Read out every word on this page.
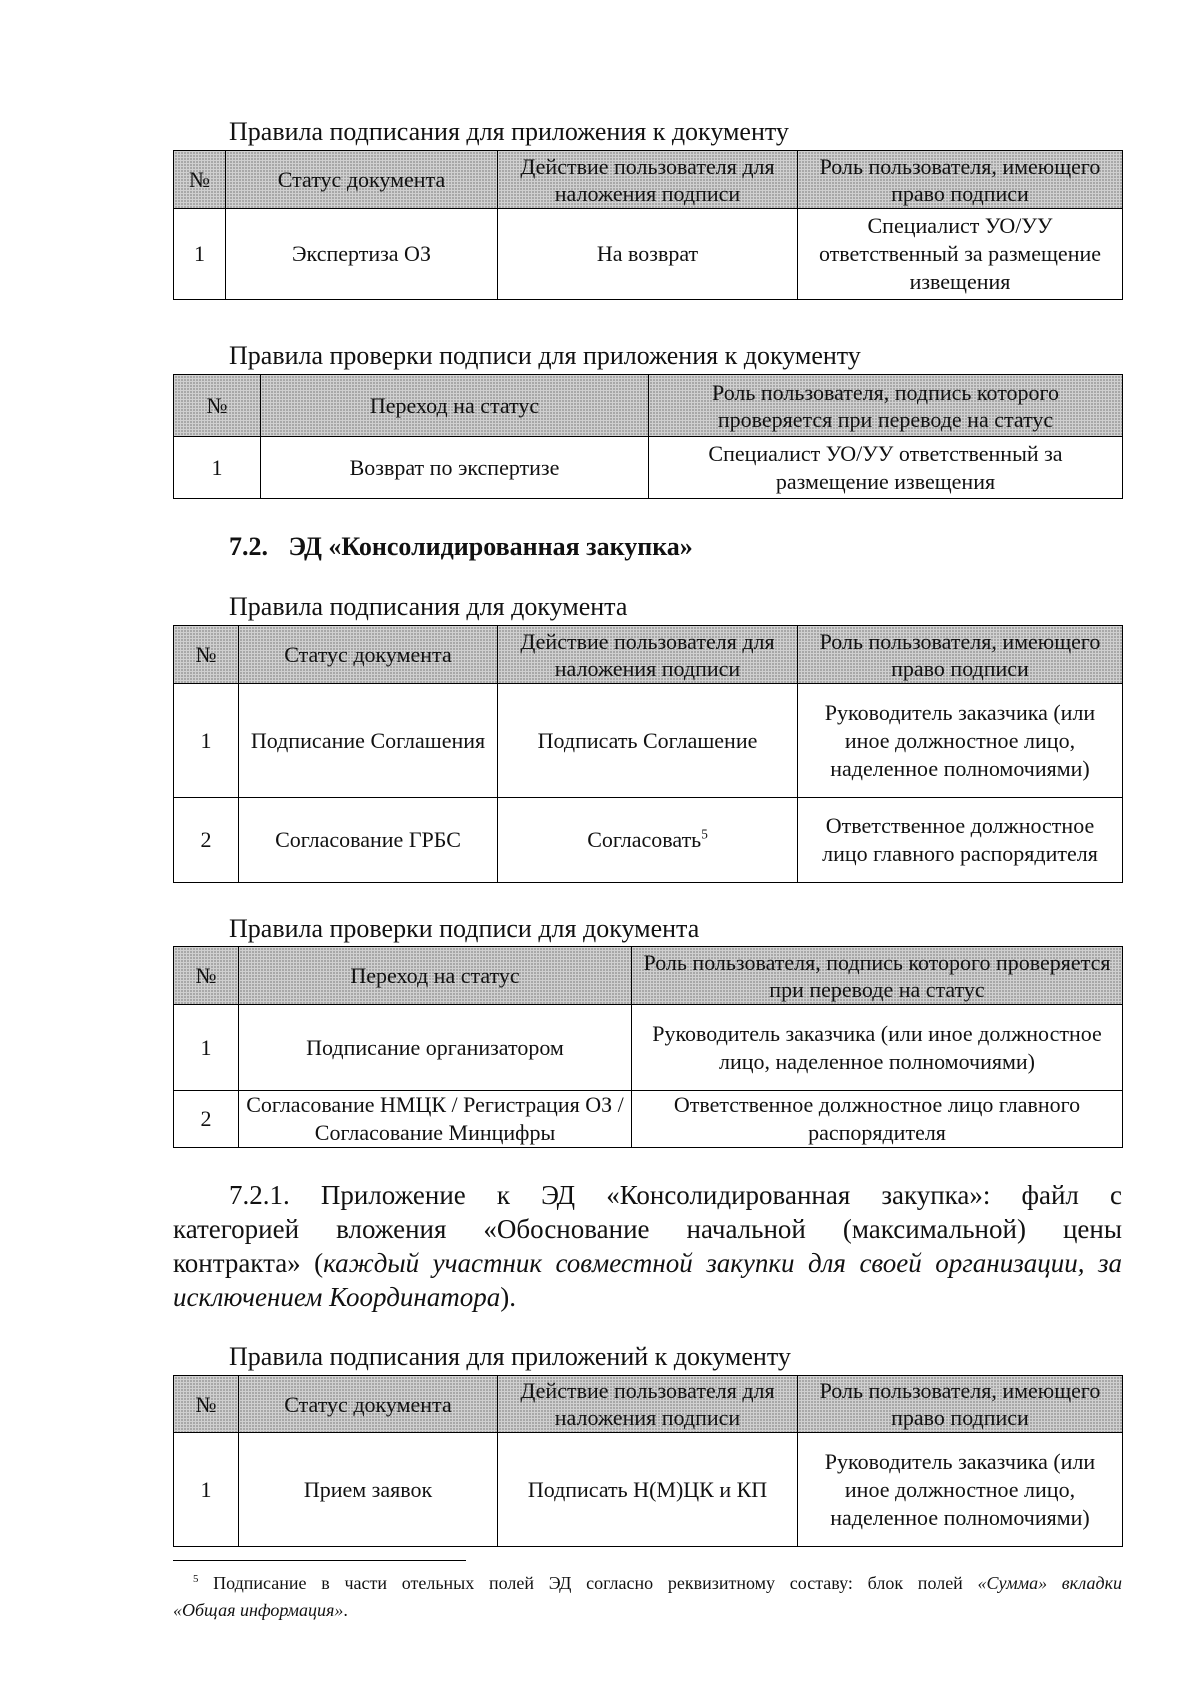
Правила подписания для приложения к документу
№	Статус документа	Действие пользователя для наложения подписи	Роль пользователя, имеющего право подписи
1	Экспертиза ОЗ	На возврат	Специалист УО/УУ ответственный за размещение извещения
Правила проверки подписи для приложения к документу
№	Переход на статус	Роль пользователя, подпись которого проверяется при переводе на статус
1	Возврат по экспертизе	Специалист УО/УУ ответственный за размещение извещения
7.2. ЭД «Консолидированная закупка»
Правила подписания для документа
№	Статус документа	Действие пользователя для наложения подписи	Роль пользователя, имеющего право подписи
1	Подписание Соглашения	Подписать Соглашение	Руководитель заказчика (или иное должностное лицо, наделенное полномочиями)
2	Согласование ГРБС	Согласовать$^5$	Ответственное должностное лицо главного распорядителя
Правила проверки подписи для документа
№	Переход на статус	Роль пользователя, подпись которого проверяется при переводе на статус
1	Подписание организатором	Руководитель заказчика (или иное должностное лицо, наделенное полномочиями)
2	Согласование НМЦК / Регистрация ОЗ / Согласование Минцифры	Ответственное должностное лицо главного распорядителя
7.2.1. Приложение к ЭД «Консолидированная закупка»: файл с
категорией вложения «Обоснование начальной (максимальной) цены
контракта» (каждый участник совместной закупки для своей организации, за
исключением Координатора).
Правила подписания для приложений к документу
№	Статус документа	Действие пользователя для наложения подписи	Роль пользователя, имеющего право подписи
1	Прием заявок	Подписать Н(М)ЦК и КП	Руководитель заказчика (или иное должностное лицо, наделенное полномочиями)
$^5$ Подписание в части отельных полей ЭД согласно реквизитному составу: блок полей «Сумма» вкладки
«Общая информация».
